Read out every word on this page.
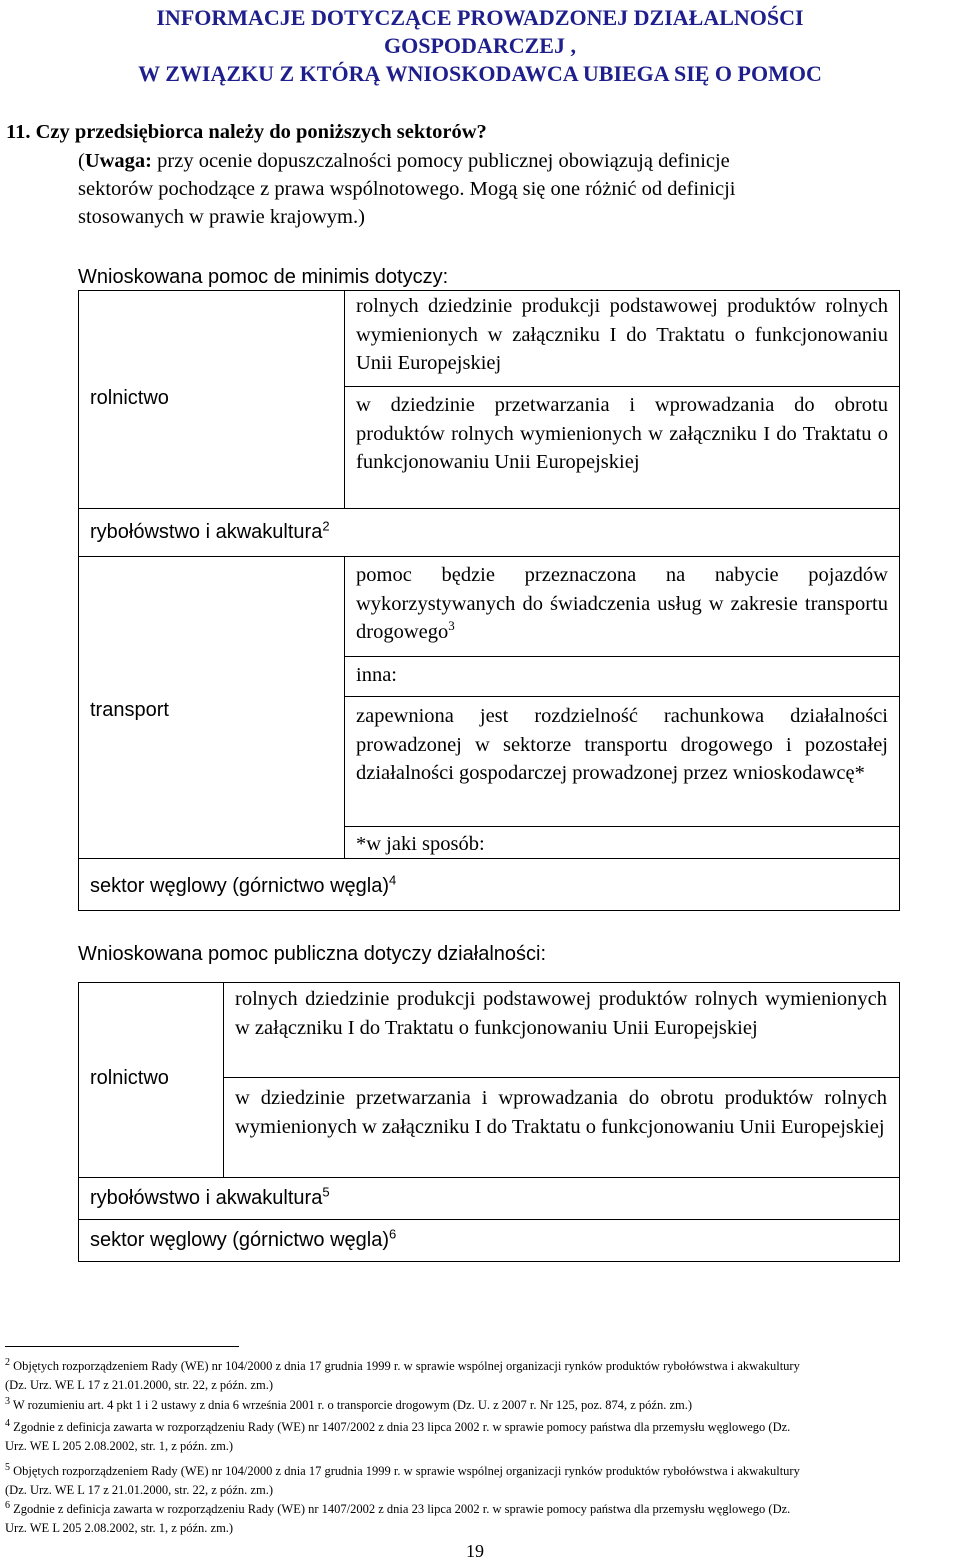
INFORMACJE DOTYCZĄCE PROWADZONEJ DZIAŁALNOŚCI
GOSPODARCZEJ ,
W ZWIĄZKU Z KTÓRĄ WNIOSKODAWCA UBIEGA SIĘ O POMOC
11. Czy przedsiębiorca należy do poniższych sektorów?
(Uwaga: przy ocenie dopuszczalności pomocy publicznej obowiązują definicje
sektorów pochodzące z prawa wspólnotowego. Mogą się one różnić od definicji
stosowanych w prawie krajowym.)
Wnioskowana pomoc de minimis dotyczy:
rolnictwo
rolnych dziedzinie produkcji podstawowej produktów rolnych wymienionych w załączniku I do Traktatu o funkcjonowaniu Unii Europejskiej
w dziedzinie przetwarzania i wprowadzania do obrotu produktów rolnych wymienionych w załączniku I do Traktatu o funkcjonowaniu Unii Europejskiej
rybołówstwo i akwakultura$^2$
transport
pomoc będzie przeznaczona na nabycie pojazdów wykorzystywanych do świadczenia usług w zakresie transportu drogowego$^3$
inna:
zapewniona jest rozdzielność rachunkowa działalności prowadzonej w sektorze transportu drogowego i pozostałej działalności gospodarczej prowadzonej przez wnioskodawcę*
*w jaki sposób:
sektor węglowy (górnictwo węgla)$^4$
Wnioskowana pomoc publiczna dotyczy działalności:
rolnictwo
rolnych dziedzinie produkcji podstawowej produktów rolnych wymienionych w załączniku I do Traktatu o funkcjonowaniu Unii Europejskiej
w dziedzinie przetwarzania i wprowadzania do obrotu produktów rolnych wymienionych w załączniku I do Traktatu o funkcjonowaniu Unii Europejskiej
rybołówstwo i akwakultura$^5$
sektor węglowy (górnictwo węgla)$^6$
$^2$ Objętych rozporządzeniem Rady (WE) nr 104/2000 z dnia 17 grudnia 1999 r. w sprawie wspólnej organizacji rynków produktów rybołówstwa i akwakultury
(Dz. Urz. WE L 17 z 21.01.2000, str. 22, z późn. zm.)
$^3$ W rozumieniu art. 4 pkt 1 i 2 ustawy z dnia 6 września 2001 r. o transporcie drogowym (Dz. U. z 2007 r. Nr 125, poz. 874, z późn. zm.)
$^4$ Zgodnie z definicja zawarta w rozporządzeniu Rady (WE) nr 1407/2002 z dnia 23 lipca 2002 r. w sprawie pomocy państwa dla przemysłu węglowego (Dz.
Urz. WE L 205 2.08.2002, str. 1, z późn. zm.)
$^5$ Objętych rozporządzeniem Rady (WE) nr 104/2000 z dnia 17 grudnia 1999 r. w sprawie wspólnej organizacji rynków produktów rybołówstwa i akwakultury
(Dz. Urz. WE L 17 z 21.01.2000, str. 22, z późn. zm.)
$^6$ Zgodnie z definicja zawarta w rozporządzeniu Rady (WE) nr 1407/2002 z dnia 23 lipca 2002 r. w sprawie pomocy państwa dla przemysłu węglowego (Dz.
Urz. WE L 205 2.08.2002, str. 1, z późn. zm.)
19
